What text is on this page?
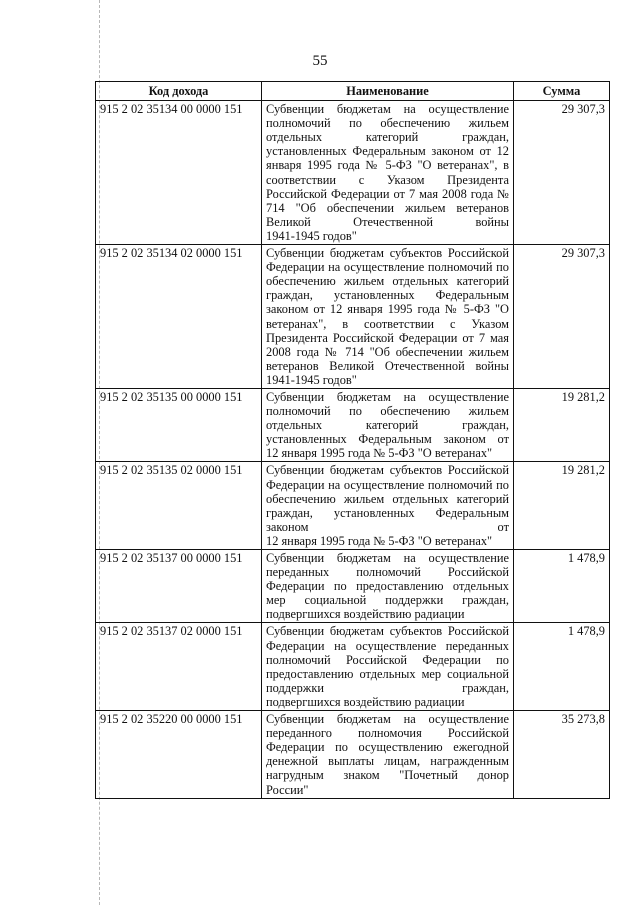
55
Код дохода	Наименование	Сумма
915 2 02 35134 00 0000 151	Субвенции бюджетам на осуществление полномочий по обеспечению жильем отдельных категорий граждан, установленных Федеральным законом от 12 января 1995 года № 5-ФЗ "О ветеранах", в соответствии с Указом Президента Российской Федерации от 7 мая 2008 года № 714 "Об обеспечении жильем ветеранов Великой Отечественной войны
1941-1945 годов"	29 307,3
915 2 02 35134 02 0000 151	Субвенции бюджетам субъектов Российской Федерации на осуществление полномочий по обеспечению жильем отдельных категорий граждан, установленных Федеральным законом от 12 января 1995 года № 5-ФЗ "О ветеранах", в соответствии с Указом Президента Российской Федерации от 7 мая 2008 года № 714 "Об обеспечении жильем ветеранов Великой Отечественной войны
1941-1945 годов"	29 307,3
915 2 02 35135 00 0000 151	Субвенции бюджетам на осуществление полномочий по обеспечению жильем отдельных категорий граждан, установленных Федеральным законом от
12 января 1995 года № 5-ФЗ "О ветеранах"	19 281,2
915 2 02 35135 02 0000 151	Субвенции бюджетам субъектов Российской Федерации на осуществление полномочий по обеспечению жильем отдельных категорий граждан, установленных Федеральным законом от
12 января 1995 года № 5-ФЗ "О ветеранах"	19 281,2
915 2 02 35137 00 0000 151	Субвенции бюджетам на осуществление переданных полномочий Российской Федерации по предоставлению отдельных мер социальной поддержки граждан,
подвергшихся воздействию радиации	1 478,9
915 2 02 35137 02 0000 151	Субвенции бюджетам субъектов Российской Федерации на осуществление переданных полномочий Российской Федерации по предоставлению отдельных мер социальной поддержки граждан,
подвергшихся воздействию радиации	1 478,9
915 2 02 35220 00 0000 151	Субвенции бюджетам на осуществление переданного полномочия Российской Федерации по осуществлению ежегодной денежной выплаты лицам, награжденным нагрудным знаком "Почетный донор
России"	35 273,8
